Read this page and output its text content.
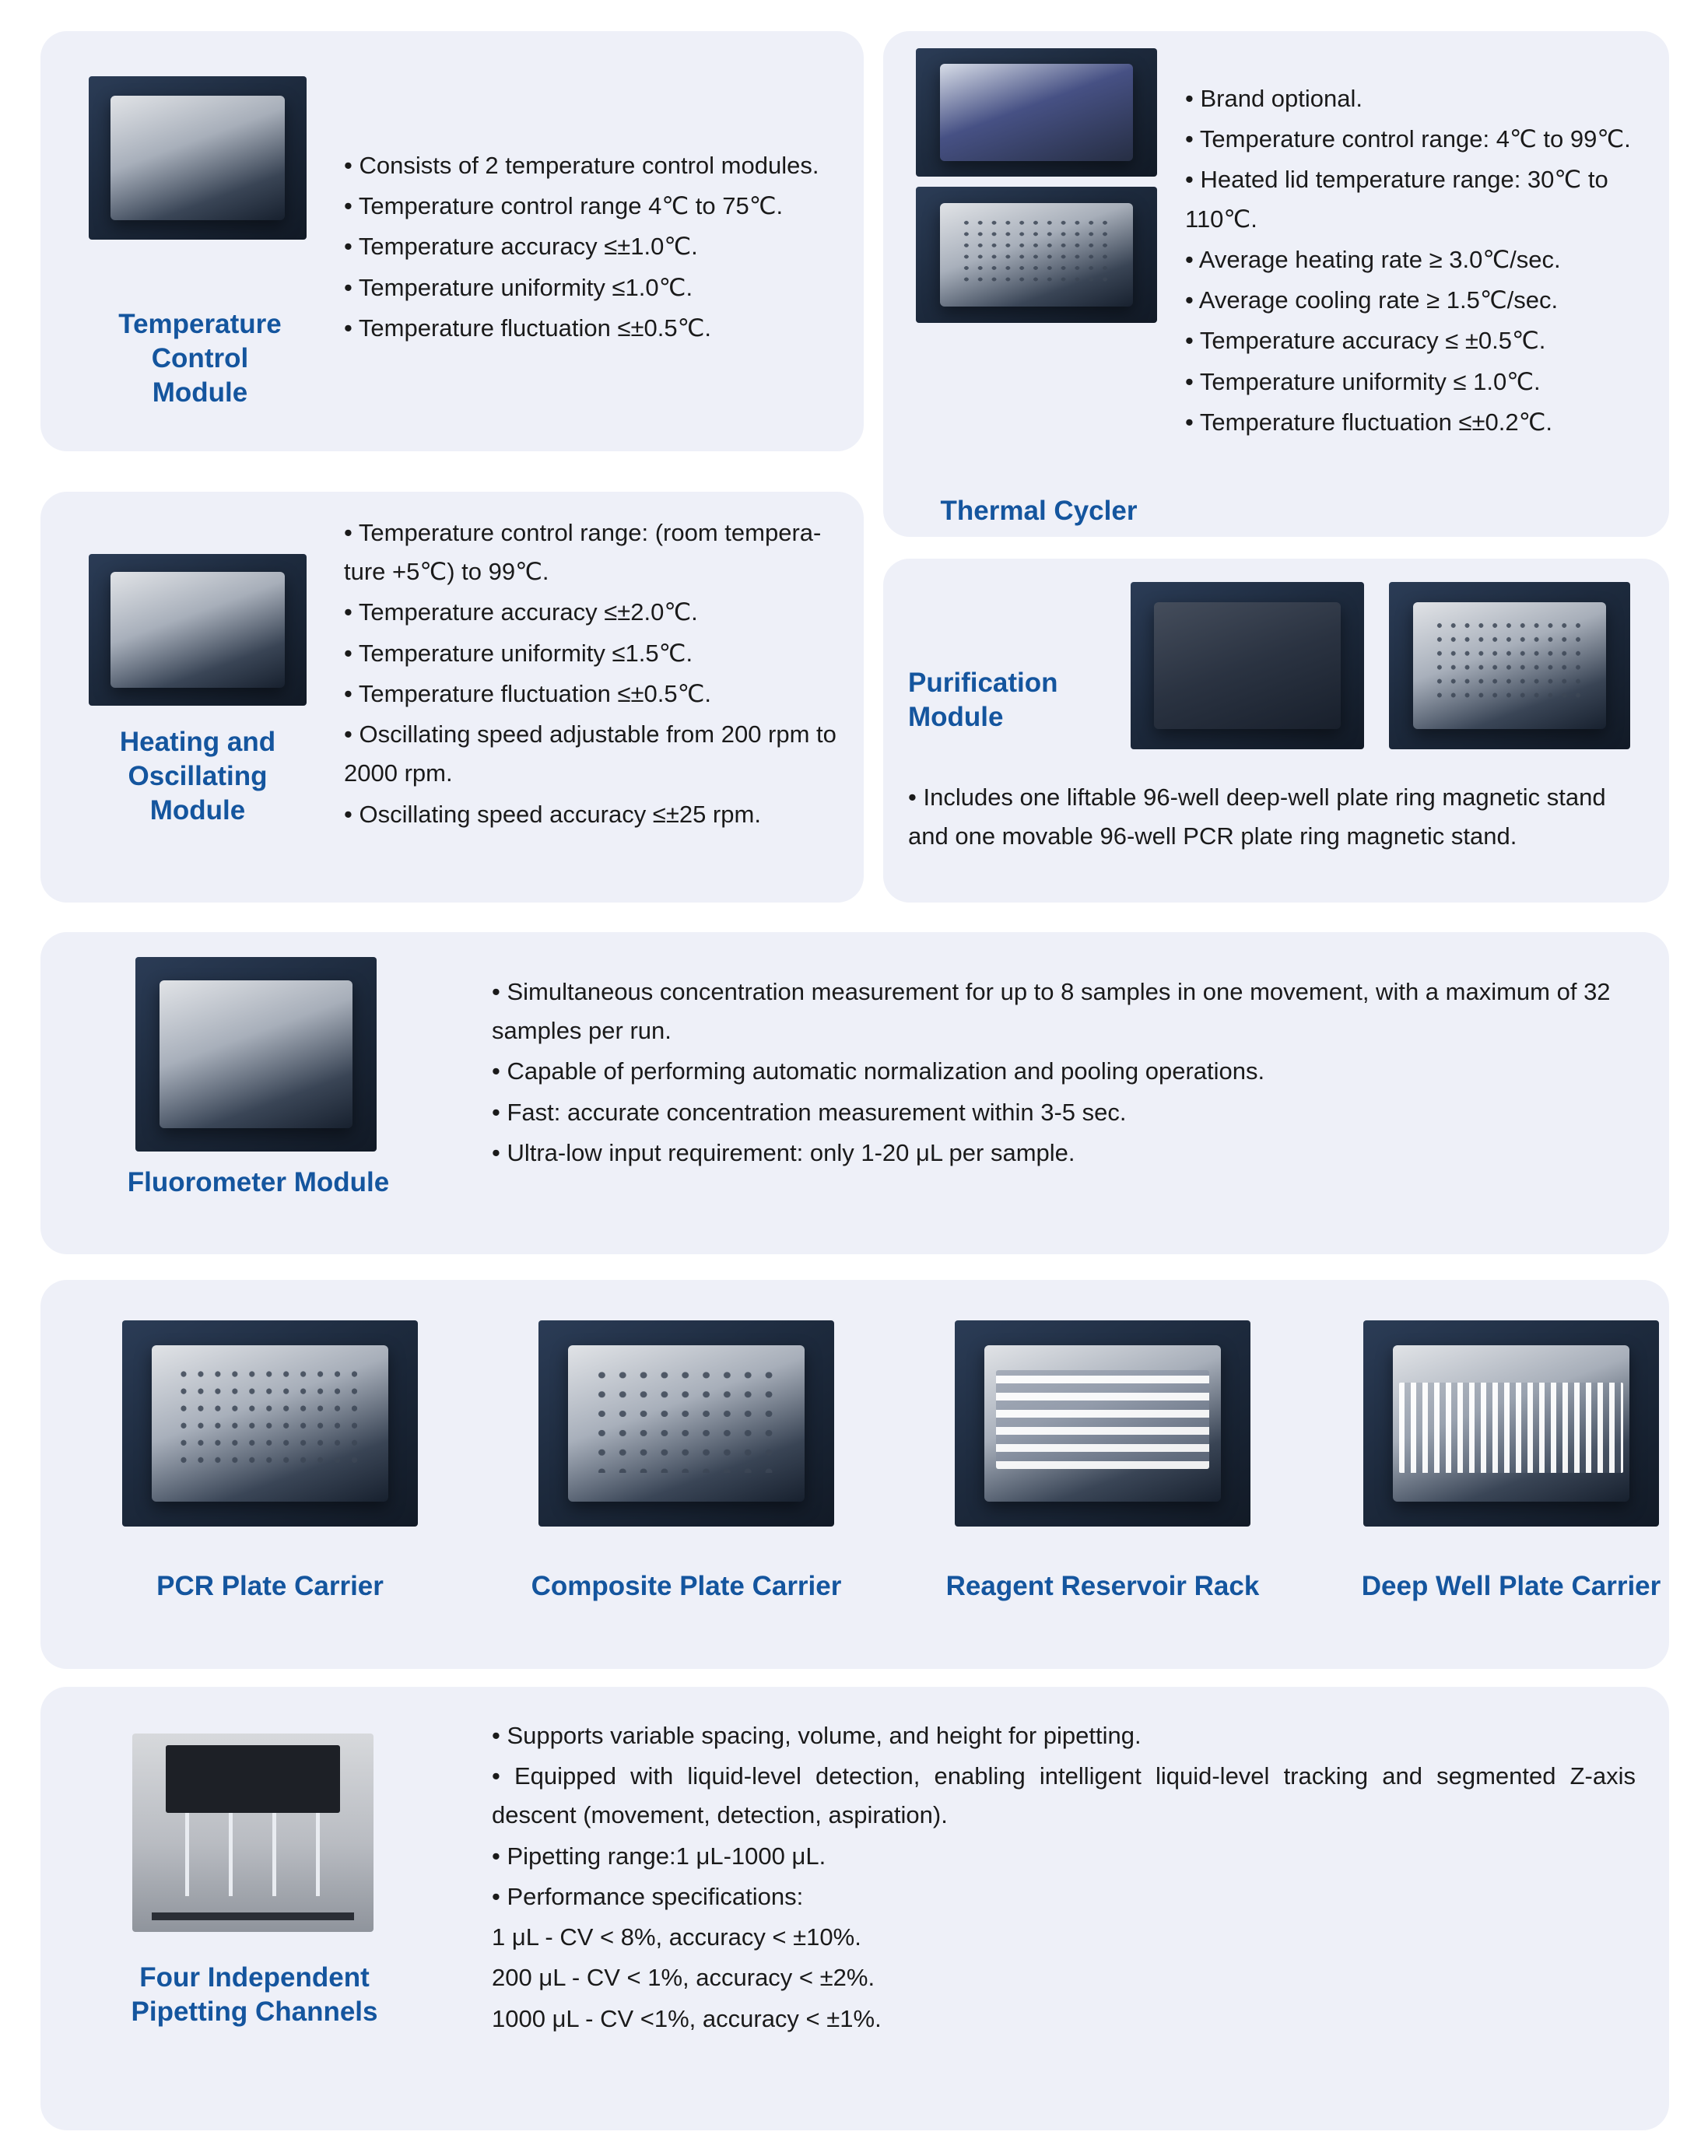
Temperature
Control
Module
• Consists of 2 temperature control modules.
• Temperature control range 4℃ to 75℃.
• Temperature accuracy ≤±1.0℃.
• Temperature uniformity ≤1.0℃.
• Temperature fluctuation ≤±0.5℃.
Thermal Cycler
• Brand optional.
• Temperature control range: 4℃ to 99℃.
• Heated lid temperature range: 30℃ to 110℃.
• Average heating rate ≥ 3.0℃/sec.
• Average cooling rate ≥ 1.5℃/sec.
• Temperature accuracy ≤ ±0.5℃.
• Temperature uniformity ≤ 1.0℃.
• Temperature fluctuation ≤±0.2℃.
Heating and
Oscillating
Module
• Temperature control range: (room tempera-ture +5℃) to 99℃.
• Temperature accuracy ≤±2.0℃.
• Temperature uniformity ≤1.5℃.
• Temperature fluctuation ≤±0.5℃.
• Oscillating speed adjustable from 200 rpm to 2000 rpm.
• Oscillating speed accuracy ≤±25 rpm.
Purification
Module
• Includes one liftable 96-well deep-well plate ring magnetic stand and one movable 96-well PCR plate ring magnetic stand.
Fluorometer Module
• Simultaneous concentration measurement for up to 8 samples in one movement, with a maximum of 32 samples per run.
• Capable of performing automatic normalization and pooling operations.
• Fast: accurate concentration measurement within 3-5 sec.
• Ultra-low input requirement: only 1-20 μL per sample.
PCR Plate Carrier	Composite Plate Carrier	Reagent Reservoir Rack	Deep Well Plate Carrier
Four Independent
Pipetting Channels
• Supports variable spacing, volume, and height for pipetting.
• Equipped with liquid-level detection, enabling intelligent liquid-level tracking and segmented Z-axis descent (movement, detection, aspiration).
• Pipetting range:1 μL-1000 μL.
• Performance specifications:
1 μL - CV < 8%, accuracy < ±10%.
200 μL - CV < 1%, accuracy < ±2%.
1000 μL - CV <1%, accuracy < ±1%.
